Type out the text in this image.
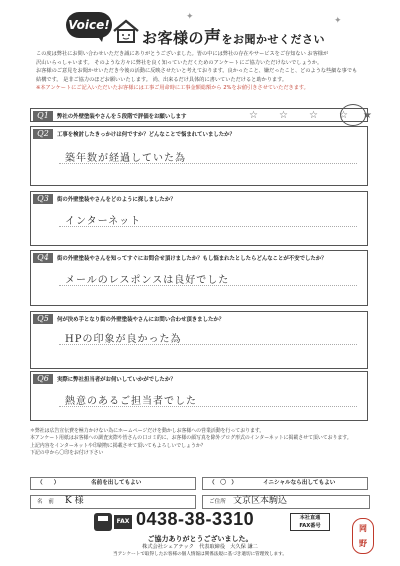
Voice!
✦	✦
お客様の声をお聞かせください
この度は弊社にお問い合わせいただき誠にありがとうございました。皆の中には弊社の存在やサービスをご存知ない お客様が
沢山いらっしゃいます。 そのような方々に弊社を良く知っていただくためのアンケートにご協力いただけないでしょうか。
お客様のご意見をお聞かせいただき今後の活動に反映させたいと考えております。良かったこと、嫌だったこと、どのような些細な事でも
結構です。 是非ご協力のほどお願いいたします。 尚、出来るだけ具体的に書いていただけると助かります。
※本アンケートにご記入いただいたお客様には工事ご用命時に工事金額総額から 2%をお値引きさせていただきます。
Q1	弊社の外壁塗装やさんを５段階で評価をお願いします	☆ ☆ ☆ ☆ ★
Q2	工事を検討したきっかけは何ですか？どんなことで悩まれていましたか？
築年数が経過していた為
Q3	街の外壁塗装やさんをどのように探しましたか？
インターネット
Q4	街の外壁塗装やさんを知ってすぐにお問合せ頂けましたか？もし悩まれたとしたらどんなことが不安でしたか？
メールのレスポンスは良好でした
Q5	何が決め手となり街の外壁塗装やさんにお問い合わせ頂きましたか？
HPの印象が良かった為
Q6	実際に弊社担当者がお伺いしていかがでしたか？
熱意のあるご担当者でした
＊弊社は広告宣伝費を極力かけない為にホームページだけを動かしお客様への営業活動を行っております。
本アンケート用紙はお客様への調査実際や皆さんの口コミ的に、お客様の顔写真を除外ブログ形式のインターネットに掲載させて頂いております。
上記内容をインターネットや印刷物に掲載させて頂いてもよろしいでしょうか？
下記の中から〇印をお付け下さい
（　　）	名前を出してもよい	（　〇　）	イニシャルなら出してもよい
名　前 K 様	ご住所 文京区本駒込
FAX 0438-38-3310	本社直通
FAX番号
ご協力ありがとうございました。
株式会社シェアテック　代表取締役　大久保 謙二
当アンケートで取得したお客様の個人情報は関係法規に基づき適切に管理致します。
岡
野
